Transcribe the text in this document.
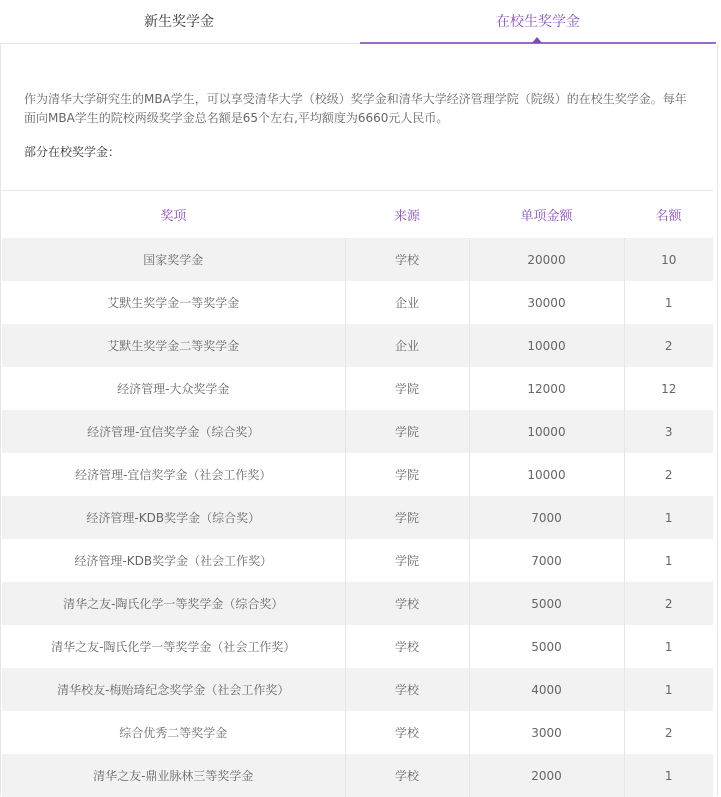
新生奖学金	在校生奖学金
作为清华大学研究生的MBA学生，可以享受清华大学（校级）奖学金和清华大学经济管理学院（院级）的在校生奖学金。每年面向MBA学生的院校两级奖学金总名额是65个左右,平均额度为6660元人民币。
部分在校奖学金：
奖项	来源	单项金额	名额
国家奖学金	学校	20000	10
艾默生奖学金一等奖学金	企业	30000	1
艾默生奖学金二等奖学金	企业	10000	2
经济管理-大众奖学金	学院	12000	12
经济管理-宜信奖学金（综合奖）	学院	10000	3
经济管理-宜信奖学金（社会工作奖）	学院	10000	2
经济管理-KDB奖学金（综合奖）	学院	7000	1
经济管理-KDB奖学金（社会工作奖）	学院	7000	1
清华之友-陶氏化学一等奖学金（综合奖）	学校	5000	2
清华之友-陶氏化学一等奖学金（社会工作奖）	学校	5000	1
清华校友-梅贻琦纪念奖学金（社会工作奖）	学校	4000	1
综合优秀二等奖学金	学校	3000	2
清华之友-鼎业脉林三等奖学金	学校	2000	1
